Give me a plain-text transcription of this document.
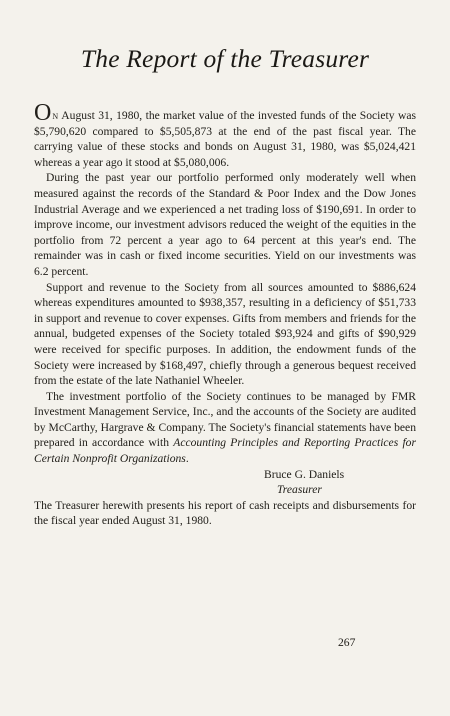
The Report of the Treasurer

On August 31, 1980, the market value of the invested funds of the Society was $5,790,620 compared to $5,505,873 at the end of the past fiscal year. The carrying value of these stocks and bonds on August 31, 1980, was $5,024,421 whereas a year ago it stood at $5,080,006.

During the past year our portfolio performed only moderately well when measured against the records of the Standard & Poor Index and the Dow Jones Industrial Average and we experienced a net trading loss of $190,691. In order to improve income, our investment advisors reduced the weight of the equities in the portfolio from 72 percent a year ago to 64 percent at this year's end. The remainder was in cash or fixed income securities. Yield on our investments was 6.2 percent.

Support and revenue to the Society from all sources amounted to $886,624 whereas expenditures amounted to $938,357, resulting in a deficiency of $51,733 in support and revenue to cover expenses. Gifts from members and friends for the annual, budgeted expenses of the Society totaled $93,924 and gifts of $90,929 were received for specific purposes. In addition, the endowment funds of the Society were increased by $168,497, chiefly through a generous bequest received from the estate of the late Nathaniel Wheeler.

The investment portfolio of the Society continues to be managed by FMR Investment Management Service, Inc., and the accounts of the Society are audited by McCarthy, Hargrave & Company. The Society's financial statements have been prepared in accordance with Accounting Principles and Reporting Practices for Certain Nonprofit Organizations.

Bruce G. Daniels

Treasurer

The Treasurer herewith presents his report of cash receipts and disbursements for the fiscal year ended August 31, 1980.

267
